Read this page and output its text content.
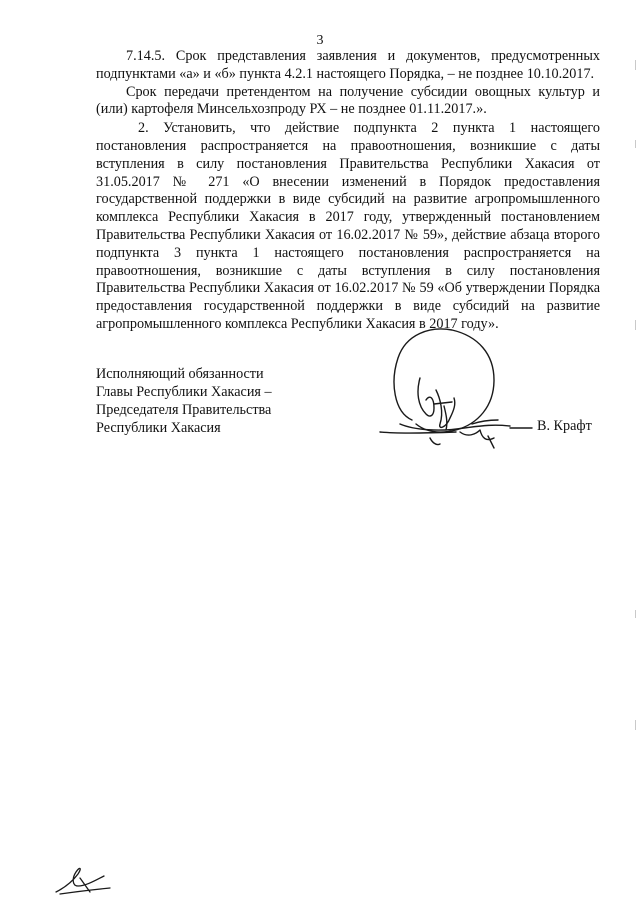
3

7.14.5. Срок представления заявления и документов, предусмотренных подпунктами «а» и «б» пункта 4.2.1 настоящего Порядка, – не позднее 10.10.2017.

Срок передачи претендентом на получение субсидии овощных культур и (или) картофеля Минсельхозпроду РХ – не позднее 01.11.2017.».

2. Установить, что действие подпункта 2 пункта 1 настоящего постановления распространяется на правоотношения, возникшие с даты вступления в силу постановления Правительства Республики Хакасия от 31.05.2017 № 271 «О внесении изменений в Порядок предоставления государственной поддержки в виде субсидий на развитие агропромышленного комплекса Республики Хакасия в 2017 году, утвержденный постановлением Правительства Республики Хакасия от 16.02.2017 № 59», действие абзаца второго подпункта 3 пункта 1 настоящего постановления распространяется на правоотношения, возникшие с даты вступления в силу постановления Правительства Республики Хакасия от 16.02.2017 № 59 «Об утверждении Порядка предоставления государственной поддержки в виде субсидий на развитие агропромышленного комплекса Республики Хакасия в 2017 году».

Исполняющий обязанности
Главы Республики Хакасия –
Председателя Правительства
Республики Хакасия	В. Крафт
